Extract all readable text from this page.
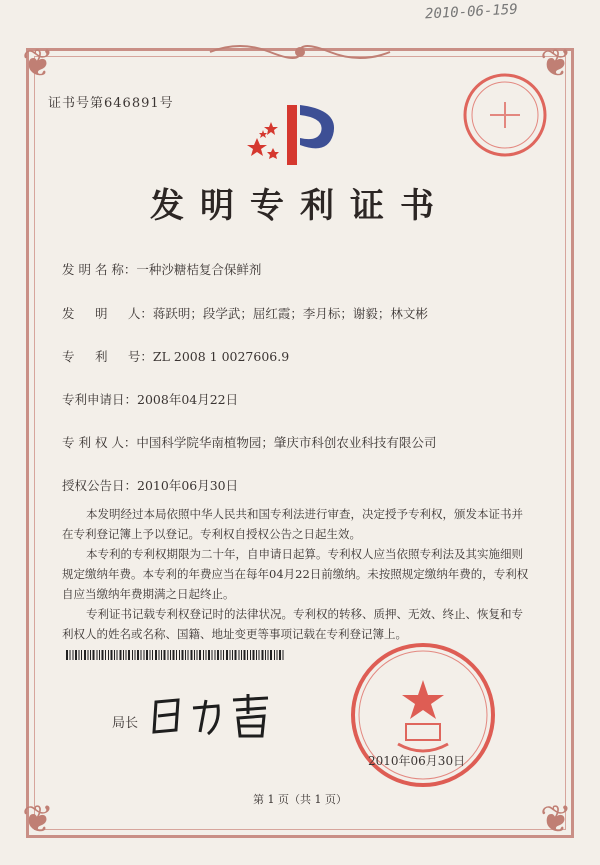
2010-06-159
❦	❦
❦	❦
证书号第646891号
发明专利证书
发 明 名 称：一种沙糖桔复合保鲜剂
发 　 明 　 人：蒋跃明；段学武；屈红霞；李月标；谢毅；林文彬
专 　 利 　 号：ZL 2008 1 0027606.9
专利申请日：2008年04月22日
专 利 权 人：中国科学院华南植物园；肇庆市科创农业科技有限公司
授权公告日：2010年06月30日

本发明经过本局依照中华人民共和国专利法进行审查，决定授予专利权，颁发本证书并在专利登记簿上予以登记。专利权自授权公告之日起生效。

本专利的专利权期限为二十年，自申请日起算。专利权人应当依照专利法及其实施细则规定缴纳年费。本专利的年费应当在每年04月22日前缴纳。未按照规定缴纳年费的，专利权自应当缴纳年费期满之日起终止。

专利证书记载专利权登记时的法律状况。专利权的转移、质押、无效、终止、恢复和专利权人的姓名或名称、国籍、地址变更等事项记载在专利登记簿上。

局长
2010年06月30日
第 1 页（共 1 页）
